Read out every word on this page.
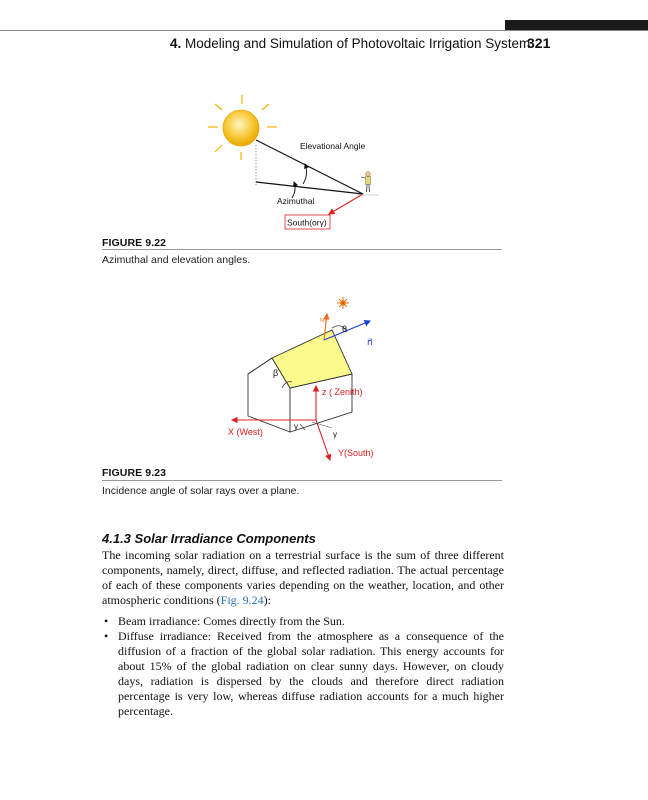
4. Modeling and Simulation of Photovoltaic Irrigation System
321
Elevational Angle
Azimuthal
South(orγ)
FIGURE 9.22
Azimuthal and elevation angles.
β
s⃗
n⃗
θ
z ( Zenith)
X (West)
Y(South)
γ
γ
FIGURE 9.23
Incidence angle of solar rays over a plane.
4.1.3 Solar Irradiance Components
The incoming solar radiation on a terrestrial surface is the sum of three different components, namely, direct, diffuse, and reflected radiation. The actual percentage of each of these components varies depending on the weather, location, and other atmospheric conditions (Fig. 9.24):
• Beam irradiance: Comes directly from the Sun.
• Diffuse irradiance: Received from the atmosphere as a consequence of the diffusion of a fraction of the global solar radiation. This energy accounts for about 15% of the global radiation on clear sunny days. However, on cloudy days, radiation is dispersed by the clouds and therefore direct radiation percentage is very low, whereas diffuse radiation accounts for a much higher percentage.
